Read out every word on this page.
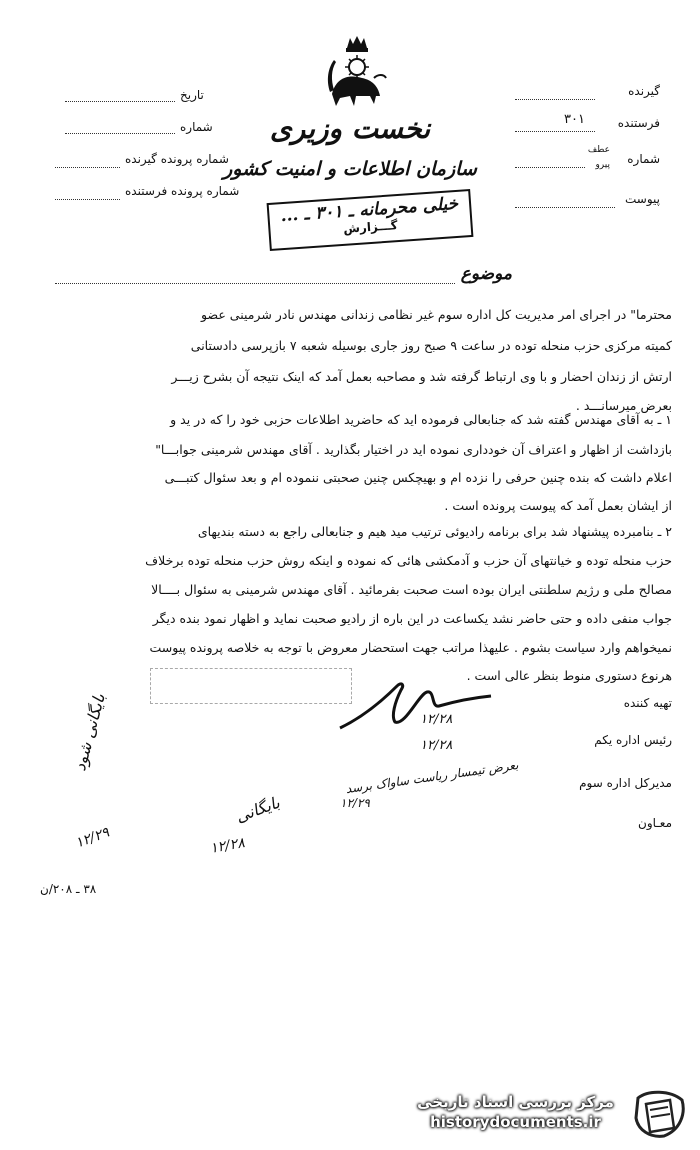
گیرنده
فرستنده
۳۰۱
شماره
عطف
پیرو
پیوست
تاریخ
شماره
شماره پرونده گیرنده
شماره پرونده فرستنده
نخست وزیری
سازمان اطلاعات و امنیت کشور
خیلی محرمانه ـ ۳۰۱ ـ ...
گـــزارش
موضوع
محترما" در اجرای امر مدیریت کل اداره سوم غیر نظامی زندانی مهندس نادر شرمینی عضو
کمیته مرکزی حزب منحله توده در ساعت ۹ صبح روز جاری بوسیله شعبه ۷ بازپرسی دادستانی
ارتش از زندان احضار و با وی ارتباط گرفته شد و مصاحبه بعمل آمد که اینک نتیجه آن بشرح زیـــر
بعرض میرسانـــد .
۱ ـ به آقای مهندس گفته شد که جنابعالی فرموده اید که حاضرید اطلاعات حزبی خود را که در ید و
بازداشت از اظهار و اعتراف آن خودداری نموده اید در اختیار بگذارید . آقای مهندس شرمینی جوابـــا"
اعلام داشت که بنده چنین حرفی را نزده ام و بهیچکس چنین صحبتی ننموده ام و بعد سئوال کتبـــی
از ایشان بعمل آمد که پیوست پرونده است .
۲ ـ بنامبرده پیشنهاد شد برای برنامه رادیوئی ترتیب مید هیم و جنابعالی راجع به دسته بندیهای
حزب منحله توده و خیانتهای آن حزب و آدمکشی هائی که نموده و اینکه روش حزب منحله توده برخلاف
مصالح ملی و رژیم سلطنتی ایران بوده است صحبت بفرمائید . آقای مهندس شرمینی به سئوال بــــالا
جواب منفی داده و حتی حاضر نشد یکساعت در این باره از رادیو صحبت نماید و اظهار نمود بنده دیگر
نمیخواهم وارد سیاست بشوم . علیهذا مراتب جهت استحضار معروض با توجه به خلاصه پرونده پیوست
هرنوع دستوری منوط بنظر عالی است .
تهیه کننده
۱۲/۲۸
رئیس اداره یکم
۱۲/۲۸
مدیرکل اداره سوم
بعرض تیمسار ریاست ساواک برسد
۱۲/۲۹
معـاون
بایگانی شود
۱۲/۲۹
بایگانی
۱۲/۲۸
۳۸ ـ ۲۰۸/ن
مرکز بررسی اسناد تاریخی
historydocuments.ir
